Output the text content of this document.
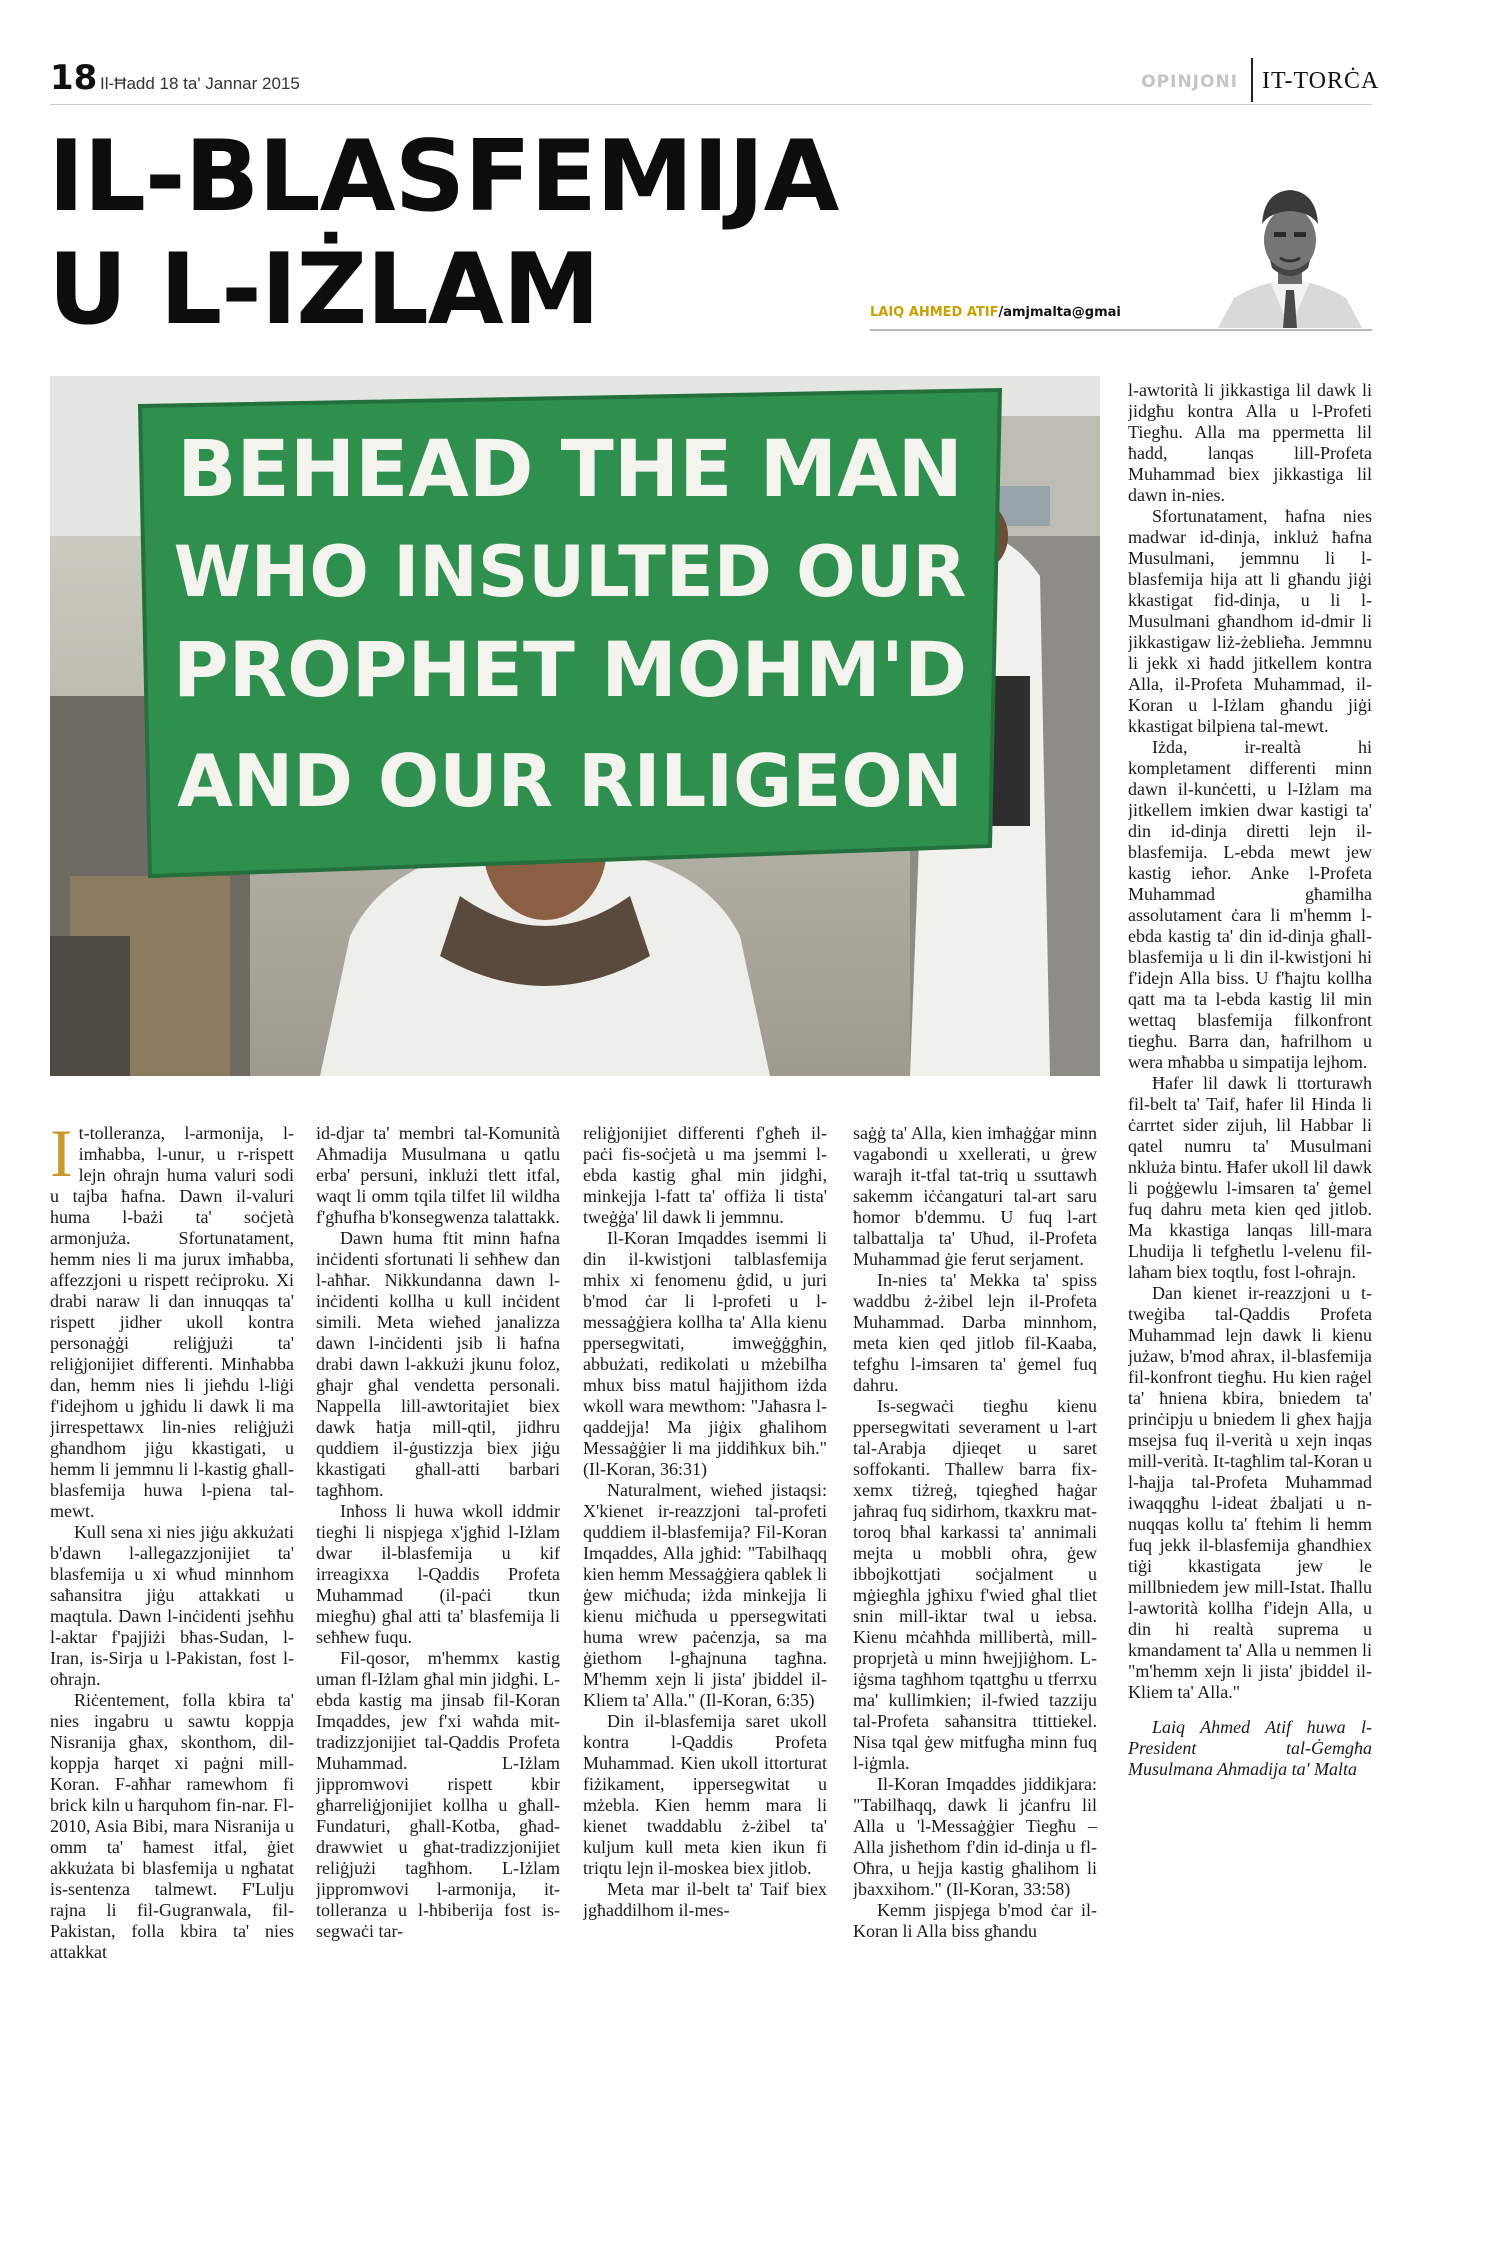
18 Il-Ħadd 18 ta' Jannar 2015	OPINJONI IT-TORĊA
IL-BLASFEMIJA
U L-IŻLAM	LAIQ AHMED ATIF/amjmalta@gmai
BEHEAD THE MAN
WHO INSULTED OUR
PROPHET MOHM'D
AND OUR RILIGEON

It-tolleranza, l-armonija, l-imħabba, l-unur, u r-rispett lejn oħrajn huma valuri sodi u tajba ħafna. Dawn il-valuri huma l-bażi ta' soċjetà armonjuża. Sfortunatament, hemm nies li ma jurux imħabba, affezzjoni u rispett reċiproku. Xi drabi naraw li dan innuqqas ta' rispett jidher ukoll kontra personaġġi reliġjużi ta' reliġjonijiet differenti. Minħabba dan, hemm nies li jieħdu l-liġi f'idejhom u jgħidu li dawk li ma jirrespettawx lin-nies reliġjużi għandhom jiġu kkastigati, u hemm li jemmnu li l-kastig għall-blasfemija huwa l-piena tal-mewt.

Kull sena xi nies jiġu akkużati b'dawn l-allegazzjonijiet ta' blasfemija u xi wħud minnhom saħansitra jiġu attakkati u maqtula. Dawn l-inċidenti jseħħu l-aktar f'pajjiżi bħas-Sudan, l-Iran, is-Sirja u l-Pakistan, fost l-oħrajn.

Riċentement, folla kbira ta' nies ingabru u sawtu koppja Nisranija għax, skonthom, dil-koppja ħarqet xi paġni mill-Koran. F-aħħar ramewhom fi brick kiln u ħarquhom fin-nar. Fl-2010, Asia Bibi, mara Nisranija u omm ta' ħamest itfal, ġiet akkużata bi blasfemija u ngħatat is-sentenza talmewt. F'Lulju rajna li fil-Gugranwala, fil-Pakistan, folla kbira ta' nies attakkat

id-djar ta' membri tal-Komunità Aħmadija Musulmana u qatlu erba' persuni, inklużi tlett itfal, waqt li omm tqila tilfet lil wildha f'għufha b'konsegwenza talattakk.

Dawn huma ftit minn ħafna inċidenti sfortunati li seħħew dan l-aħħar. Nikkundanna dawn l-inċidenti kollha u kull inċident simili. Meta wieħed janalizza dawn l-inċidenti jsib li ħafna drabi dawn l-akkużi jkunu foloz, għajr għal vendetta personali. Nappella lill-awtoritajiet biex dawk ħatja mill-qtil, jidhru quddiem il-ġustizzja biex jiġu kkastigati għall-atti barbari tagħhom.

Inħoss li huwa wkoll iddmir tiegħi li nispjega x'jgħid l-Iżlam dwar il-blasfemija u kif irreagixxa l-Qaddis Profeta Muhammad (il-paċi tkun miegħu) għal atti ta' blasfemija li seħħew fuqu.

Fil-qosor, m'hemmx kastig uman fl-Iżlam għal min jidgħi. L-ebda kastig ma jinsab fil-Koran Imqaddes, jew f'xi waħda mit-tradizzjonijiet tal-Qaddis Profeta Muhammad. L-Iżlam jippromwovi rispett kbir għarreliġjonijiet kollha u għall-Fundaturi, għall-Kotba, għad-drawwiet u għat-tradizzjonijiet reliġjużi tagħhom. L-Iżlam jippromwovi l-armonija, it-tolleranza u l-ħbiberija fost is-segwaċi tar-

reliġjonijiet differenti f'għeħ il-paċi fis-soċjetà u ma jsemmi l-ebda kastig għal min jidgħi, minkejja l-fatt ta' offiża li tista' tweġġa' lil dawk li jemmnu.

Il-Koran Imqaddes isemmi li din il-kwistjoni talblasfemija mhix xi fenomenu ġdid, u juri b'mod ċar li l-profeti u l-messaġġiera kollha ta' Alla kienu ppersegwitati, imweġġgħin, abbużati, redikolati u mżebilħa mhux biss matul ħajjithom iżda wkoll wara mewthom: "Jaħasra l-qaddejja! Ma jiġix għalihom Messaġġier li ma jiddiħkux bih." (Il-Koran, 36:31)

Naturalment, wieħed jistaqsi: X'kienet ir-reazzjoni tal-profeti quddiem il-blasfemija? Fil-Koran Imqaddes, Alla jgħid: "Tabilħaqq kien hemm Messaġġiera qablek li ġew miċħuda; iżda minkejja li kienu miċħuda u ppersegwitati huma wrew paċenzja, sa ma ġiethom l-għajnuna tagħna. M'hemm xejn li jista' jbiddel il-Kliem ta' Alla." (Il-Koran, 6:35)

Din il-blasfemija saret ukoll kontra l-Qaddis Profeta Muhammad. Kien ukoll ittorturat fiżikament, ippersegwitat u mżebla. Kien hemm mara li kienet twaddablu ż-żibel ta' kuljum kull meta kien ikun fi triqtu lejn il-moskea biex jitlob.

Meta mar il-belt ta' Taif biex jgħaddilhom il-mes-

saġġ ta' Alla, kien imħaġġar minn vagabondi u xxellerati, u ġrew warajh it-tfal tat-triq u ssuttawh sakemm iċċangaturi tal-art saru ħomor b'demmu. U fuq l-art talbattalja ta' Uħud, il-Profeta Muhammad ġie ferut serjament.

In-nies ta' Mekka ta' spiss waddbu ż-żibel lejn il-Profeta Muhammad. Darba minnhom, meta kien qed jitlob fil-Kaaba, tefgħu l-imsaren ta' ġemel fuq dahru.

Is-segwaċi tiegħu kienu ppersegwitati severament u l-art tal-Arabja djieqet u saret soffokanti. Tħallew barra fix-xemx tiżreġ, tqiegħed ħaġar jaħraq fuq sidirhom, tkaxkru mat-toroq bħal karkassi ta' annimali mejta u mobbli oħra, ġew ibbojkottjati soċjalment u mġiegħla jgħixu f'wied għal tliet snin mill-iktar twal u iebsa. Kienu mċaħħda millibertà, mill-proprjetà u minn ħwejjiġhom. L-iġsma tagħhom tqattgħu u tferrxu ma' kullimkien; il-fwied tazziju tal-Profeta saħansitra ttittiekel. Nisa tqal ġew mitfugħa minn fuq l-iġmla.

Il-Koran Imqaddes jiddikjara: "Tabilħaqq, dawk li jċanfru lil Alla u 'l-Messaġġier Tiegħu – Alla jisħethom f'din id-dinja u fl-Oħra, u ħejja kastig għalihom li jbaxxihom." (Il-Koran, 33:58)

Kemm jispjega b'mod ċar il-Koran li Alla biss għandu

l-awtorità li jikkastiga lil dawk li jidgħu kontra Alla u l-Profeti Tiegħu. Alla ma ppermetta lil ħadd, lanqas lill-Profeta Muhammad biex jikkastiga lil dawn in-nies.

Sfortunatament, ħafna nies madwar id-dinja, inkluż ħafna Musulmani, jemmnu li l-blasfemija hija att li għandu jiġi kkastigat fid-dinja, u li l-Musulmani għandhom id-dmir li jikkastigaw liż-żeblieħa. Jemmnu li jekk xi ħadd jitkellem kontra Alla, il-Profeta Muhammad, il-Koran u l-Iżlam għandu jiġi kkastigat bilpiena tal-mewt.

Iżda, ir-realtà hi kompletament differenti minn dawn il-kunċetti, u l-Iżlam ma jitkellem imkien dwar kastigi ta' din id-dinja diretti lejn il-blasfemija. L-ebda mewt jew kastig ieħor. Anke l-Profeta Muhammad għamilha assolutament ċara li m'hemm l-ebda kastig ta' din id-dinja għall-blasfemija u li din il-kwistjoni hi f'idejn Alla biss. U f'ħajtu kollha qatt ma ta l-ebda kastig lil min wettaq blasfemija filkonfront tiegħu. Barra dan, ħafrilhom u wera mħabba u simpatija lejhom.

Ħafer lil dawk li ttorturawh fil-belt ta' Taif, ħafer lil Hinda li ċarrtet sider zijuh, lil Habbar li qatel numru ta' Musulmani nkluża bintu. Ħafer ukoll lil dawk li poġġewlu l-imsaren ta' ġemel fuq dahru meta kien qed jitlob. Ma kkastiga lanqas lill-mara Lhudija li tefgħetlu l-velenu fil-laħam biex toqtlu, fost l-oħrajn.

Dan kienet ir-reazzjoni u t-tweġiba tal-Qaddis Profeta Muhammad lejn dawk li kienu jużaw, b'mod aħrax, il-blasfemija fil-konfront tiegħu. Hu kien raġel ta' ħniena kbira, bniedem ta' prinċipju u bniedem li għex ħajja msejsa fuq il-verità u xejn inqas mill-verità. It-tagħlim tal-Koran u l-ħajja tal-Profeta Muhammad iwaqqgħu l-ideat żbaljati u n-nuqqas kollu ta' ftehim li hemm fuq jekk il-blasfemija għandhiex tiġi kkastigata jew le millbniedem jew mill-Istat. Iħallu l-awtorità kollha f'idejn Alla, u din hi realtà suprema u kmandament ta' Alla u nemmen li "m'hemm xejn li jista' jbiddel il-Kliem ta' Alla."

Laiq Ahmed Atif huwa l-President tal-Ġemgħa Musulmana Ahmadija ta' Malta
